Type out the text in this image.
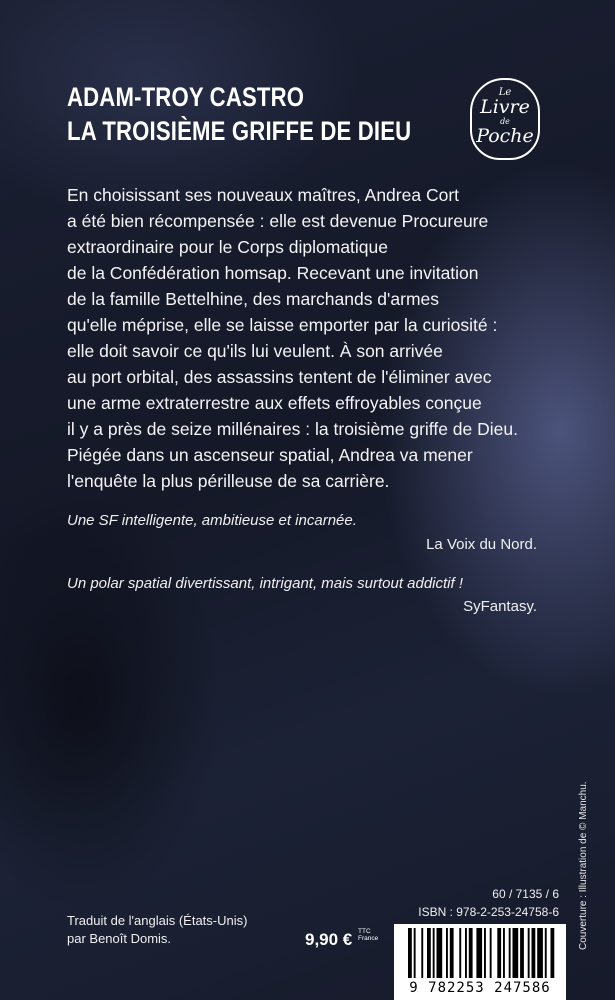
ADAM-TROY CASTRO
LA TROISIÈME GRIFFE DE DIEU
Le
Livre
de
Poche
En choisissant ses nouveaux maîtres, Andrea Cort
a été bien récompensée : elle est devenue Procureure
extraordinaire pour le Corps diplomatique
de la Confédération homsap. Recevant une invitation
de la famille Bettelhine, des marchands d'armes
qu'elle méprise, elle se laisse emporter par la curiosité :
elle doit savoir ce qu'ils lui veulent. À son arrivée
au port orbital, des assassins tentent de l'éliminer avec
une arme extraterrestre aux effets effroyables conçue
il y a près de seize millénaires : la troisième griffe de Dieu.
Piégée dans un ascenseur spatial, Andrea va mener
l'enquête la plus périlleuse de sa carrière.
Une SF intelligente, ambitieuse et incarnée.
La Voix du Nord.
Un polar spatial divertissant, intrigant, mais surtout addictif !
SyFantasy.
Couverture : Illustration de © Manchu.
Traduit de l'anglais (États-Unis)
par Benoît Domis.	9,90 € TTC
France
60 / 7135 / 6
ISBN : 978-2-253-24758-6
9 782253 247586
